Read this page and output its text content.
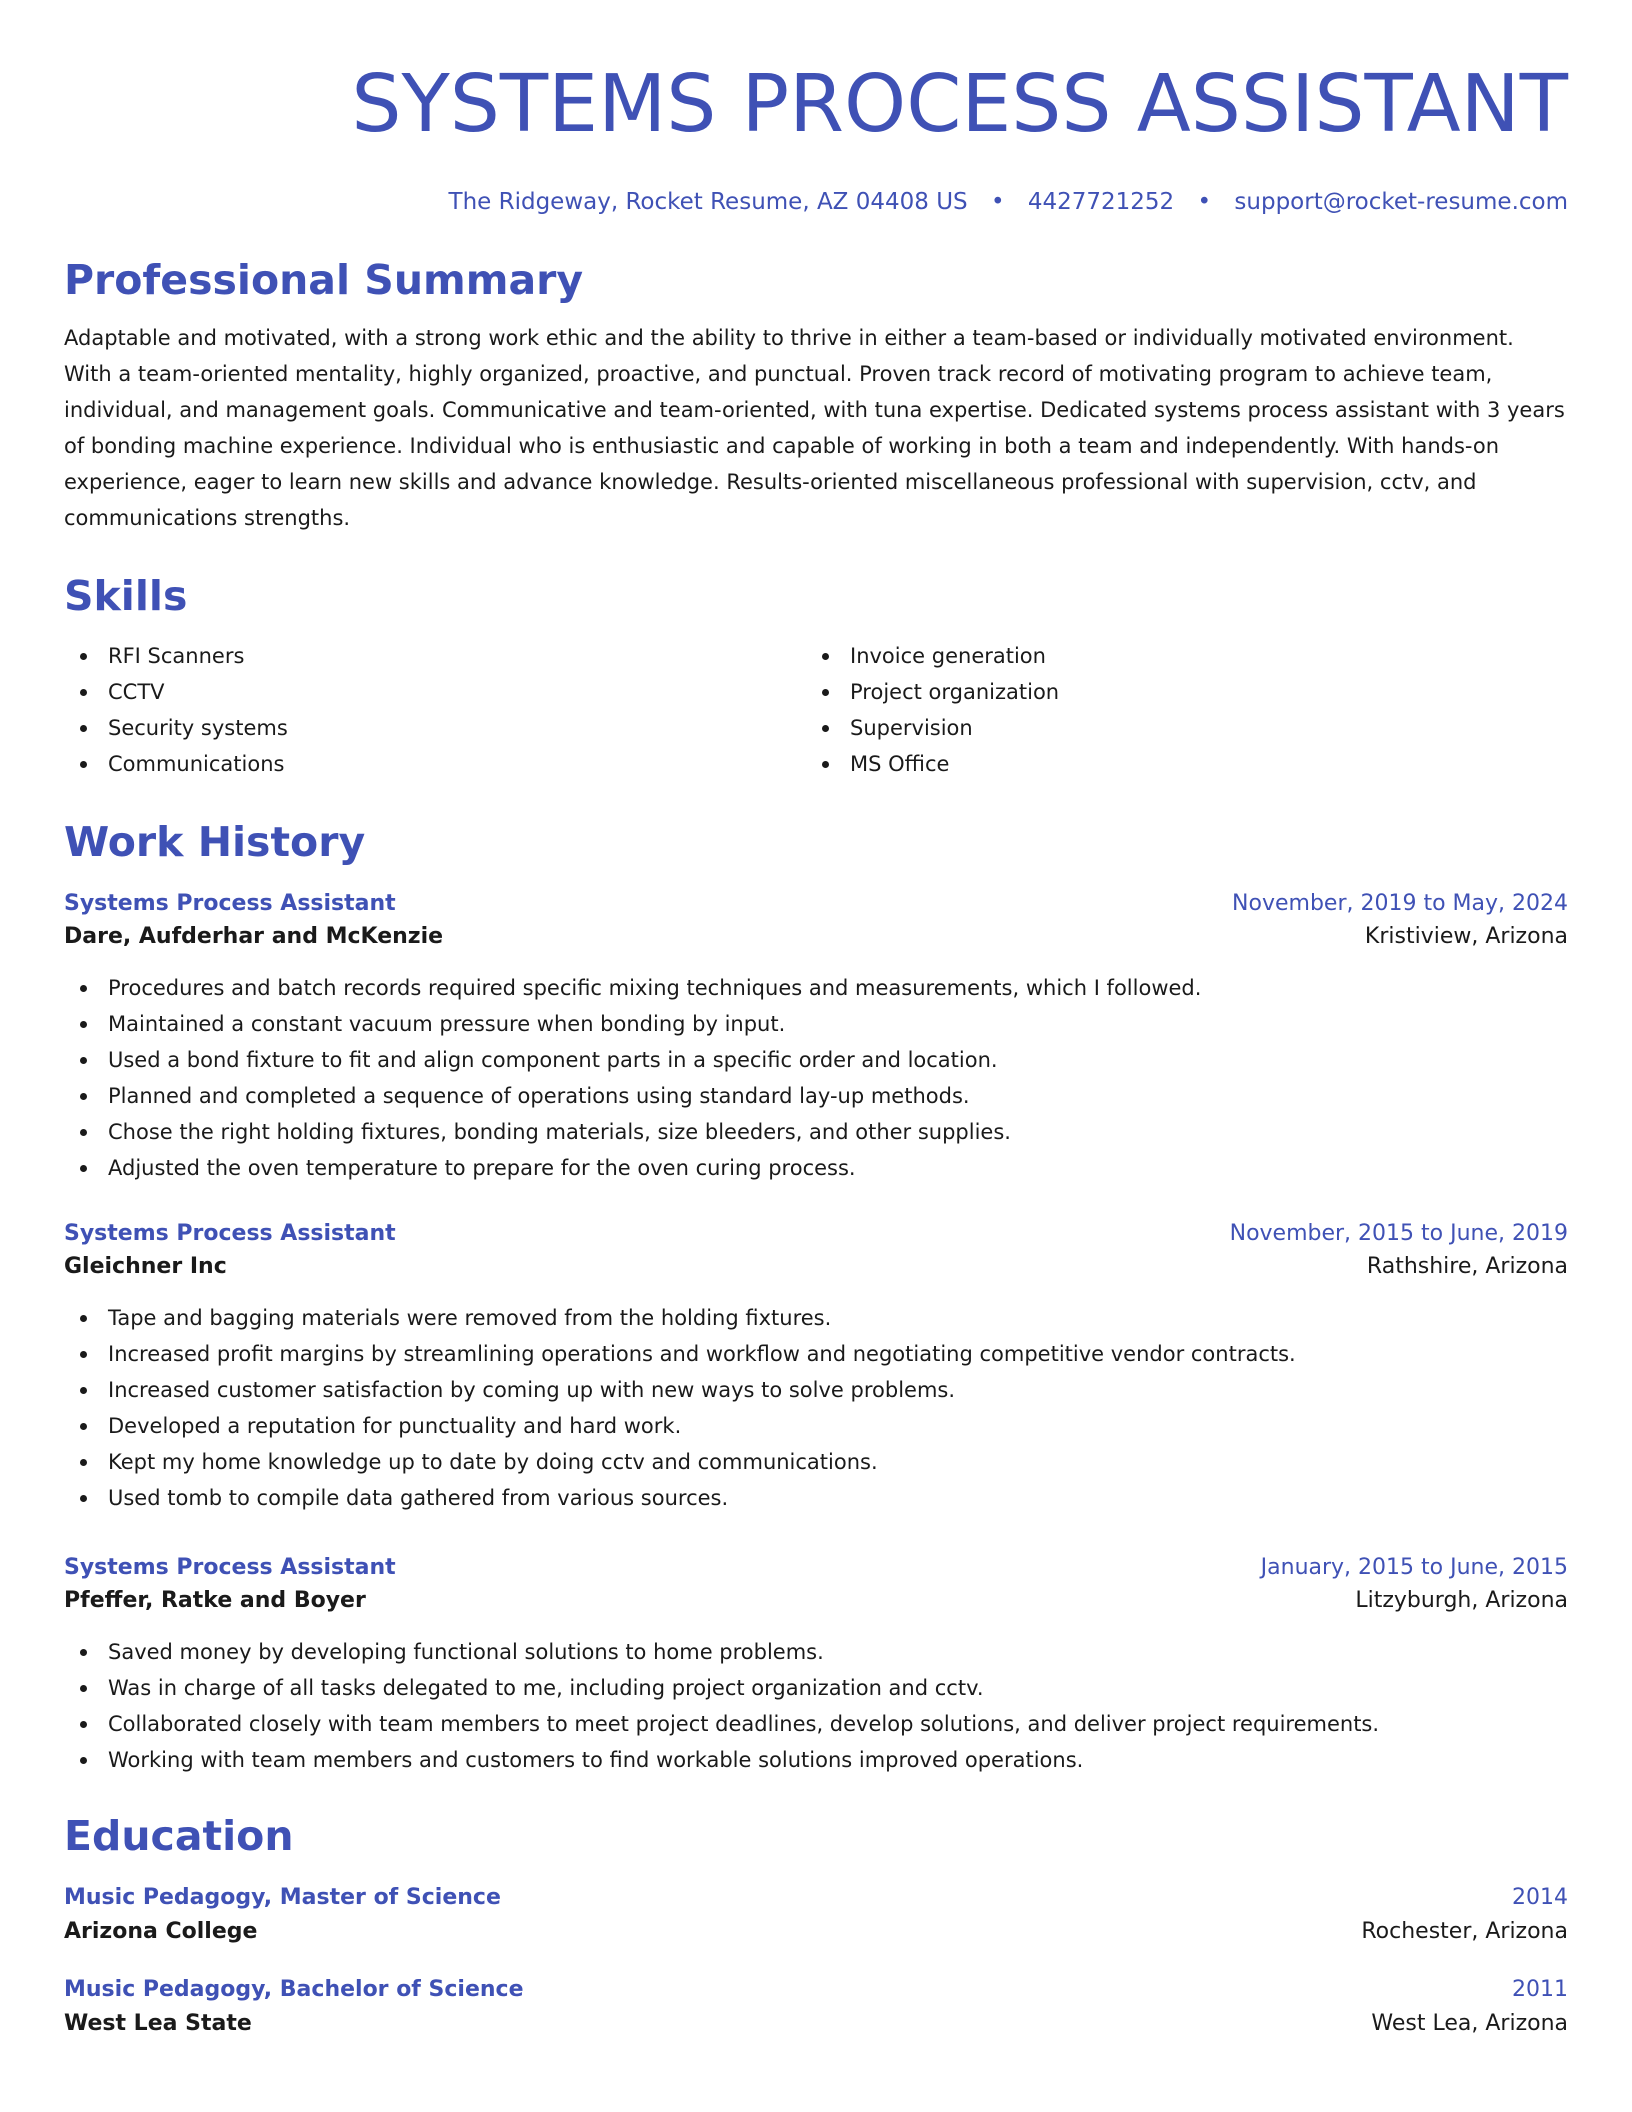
SYSTEMS PROCESS ASSISTANT
The Ridgeway, Rocket Resume, AZ 04408 US • 4427721252 • support@rocket-resume.com
Professional Summary

Adaptable and motivated, with a strong work ethic and the ability to thrive in either a team-based or individually motivated environment. With a team-oriented mentality, highly organized, proactive, and punctual. Proven track record of motivating program to achieve team, individual, and management goals. Communicative and team-oriented, with tuna expertise. Dedicated systems process assistant with 3 years of bonding machine experience. Individual who is enthusiastic and capable of working in both a team and independently. With hands-on experience, eager to learn new skills and advance knowledge. Results-oriented miscellaneous professional with supervision, cctv, and communications strengths.

Skills
RFI Scanners
CCTV
Security systems
Communications
Invoice generation
Project organization
Supervision
MS Office
Work History
Systems Process Assistant	November, 2019 to May, 2024
Dare, Aufderhar and McKenzie	Kristiview, Arizona
Procedures and batch records required specific mixing techniques and measurements, which I followed.
Maintained a constant vacuum pressure when bonding by input.
Used a bond fixture to fit and align component parts in a specific order and location.
Planned and completed a sequence of operations using standard lay-up methods.
Chose the right holding fixtures, bonding materials, size bleeders, and other supplies.
Adjusted the oven temperature to prepare for the oven curing process.
Systems Process Assistant	November, 2015 to June, 2019
Gleichner Inc	Rathshire, Arizona
Tape and bagging materials were removed from the holding fixtures.
Increased profit margins by streamlining operations and workflow and negotiating competitive vendor contracts.
Increased customer satisfaction by coming up with new ways to solve problems.
Developed a reputation for punctuality and hard work.
Kept my home knowledge up to date by doing cctv and communications.
Used tomb to compile data gathered from various sources.
Systems Process Assistant	January, 2015 to June, 2015
Pfeffer, Ratke and Boyer	Litzyburgh, Arizona
Saved money by developing functional solutions to home problems.
Was in charge of all tasks delegated to me, including project organization and cctv.
Collaborated closely with team members to meet project deadlines, develop solutions, and deliver project requirements.
Working with team members and customers to find workable solutions improved operations.
Education
Music Pedagogy, Master of Science	2014
Arizona College	Rochester, Arizona
Music Pedagogy, Bachelor of Science	2011
West Lea State	West Lea, Arizona
